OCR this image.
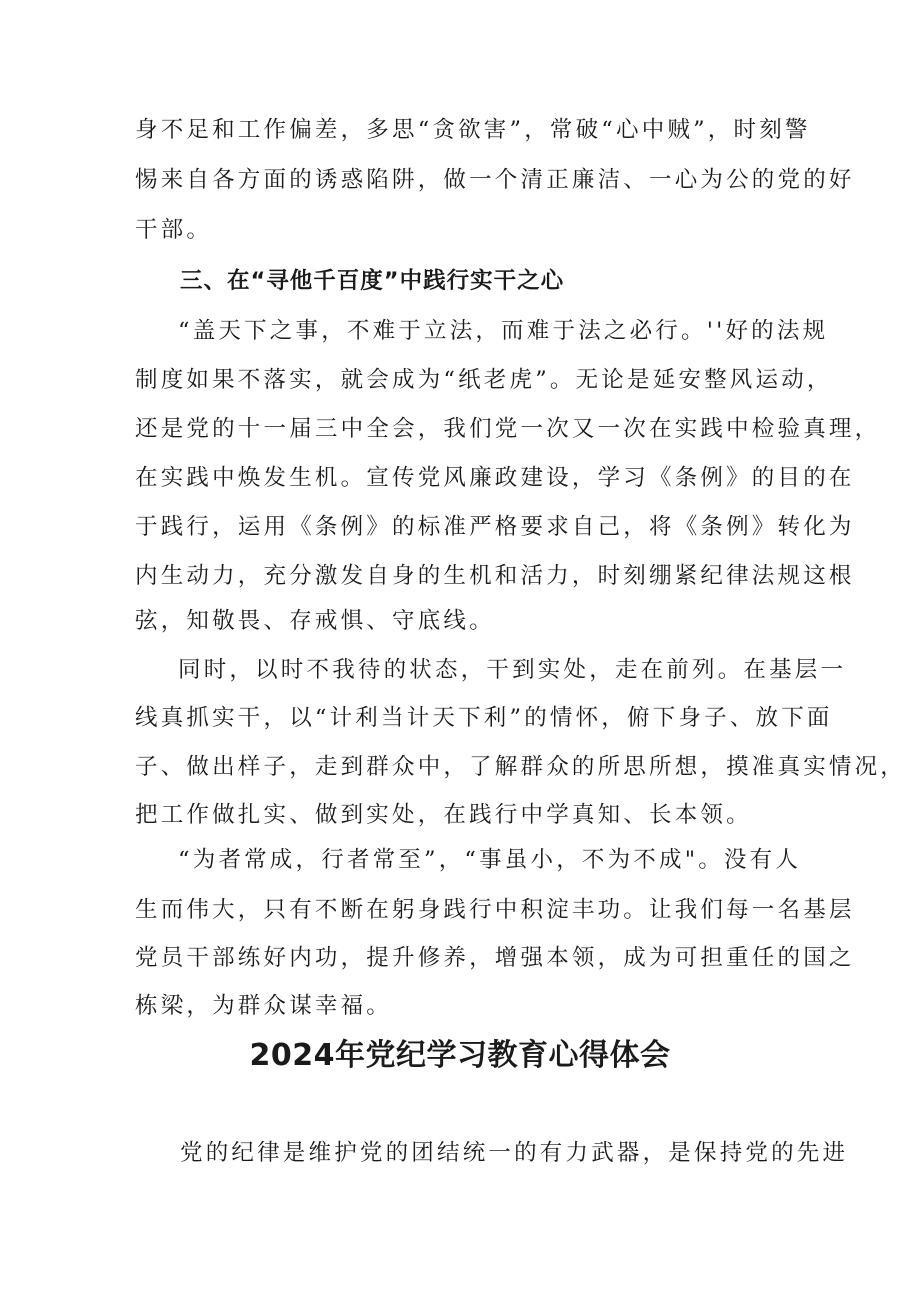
身不足和工作偏差，多思“贪欲害”，常破“心中贼”，时刻警

惕来自各方面的诱惑陷阱，做一个清正廉洁、一心为公的党的好

干部。

三、在“寻他千百度”中践行实干之心

“盖天下之事，不难于立法，而难于法之必行。''好的法规

制度如果不落实，就会成为“纸老虎”。无论是延安整风运动，

还是党的十一届三中全会，我们党一次又一次在实践中检验真理，

在实践中焕发生机。宣传党风廉政建设，学习《条例》的目的在

于践行，运用《条例》的标准严格要求自己，将《条例》转化为

内生动力，充分激发自身的生机和活力，时刻绷紧纪律法规这根

弦，知敬畏、存戒惧、守底线。

同时，以时不我待的状态，干到实处，走在前列。在基层一

线真抓实干，以“计利当计天下利”的情怀，俯下身子、放下面

子、做出样子，走到群众中，了解群众的所思所想，摸准真实情况，

把工作做扎实、做到实处，在践行中学真知、长本领。

“为者常成，行者常至”，“事虽小，不为不成"。没有人

生而伟大，只有不断在躬身践行中积淀丰功。让我们每一名基层

党员干部练好内功，提升修养，增强本领，成为可担重任的国之

栋梁，为群众谋幸福。

2024年党纪学习教育心得体会

党的纪律是维护党的团结统一的有力武器，是保持党的先进
